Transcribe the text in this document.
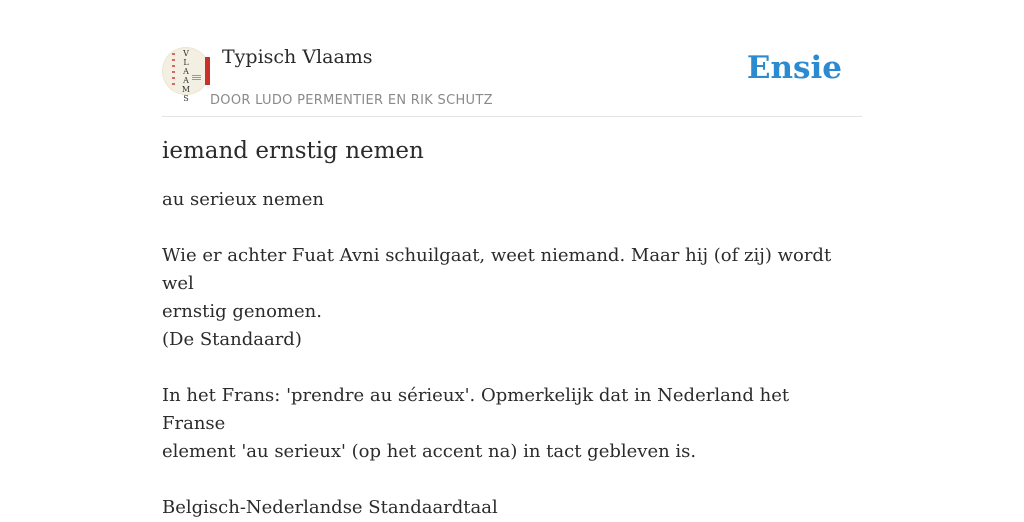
V
L
A
A
M
S
Typisch Vlaams
DOOR LUDO PERMENTIER EN RIK SCHUTZ
Ensie
iemand ernstig nemen

au serieux nemen

Wie er achter Fuat Avni schuilgaat, weet niemand. Maar hij (of zij) wordt wel

ernstig genomen.

(De Standaard)

In het Frans: 'prendre au sérieux'. Opmerkelijk dat in Nederland het Franse

element 'au serieux' (op het accent na) in tact gebleven is.

Belgisch-Nederlandse Standaardtaal
